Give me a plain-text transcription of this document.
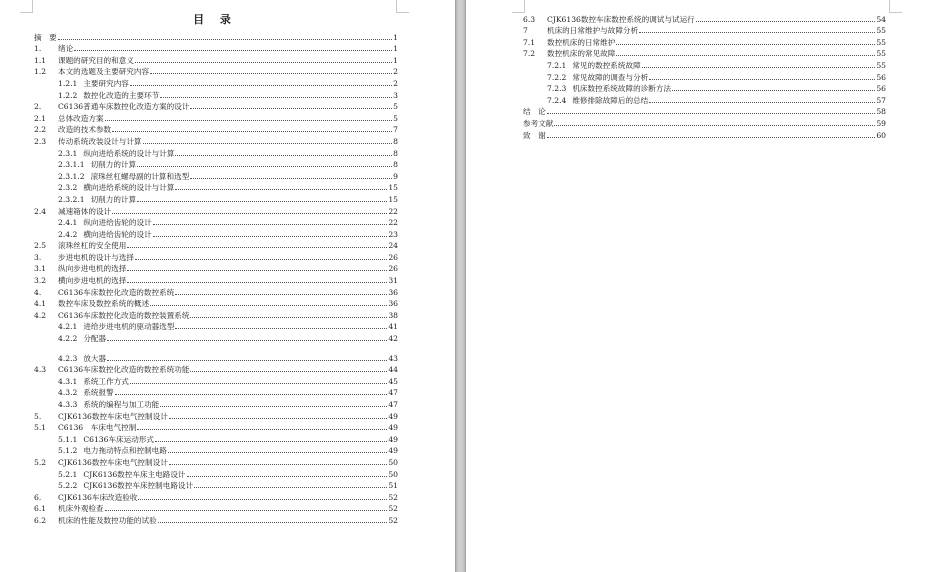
目 录
摘　要	1
1.	绪论	1
1.1	课题的研究目的和意义	1
1.2	本文的选题及主要研究内容	2
1.2.1 主要研究内容	2
1.2.2 数控化改造的主要环节	3
2.	C6136普通车床数控化改造方案的设计	5
2.1	总体改造方案	5
2.2	改造的技术参数	7
2.3	传动系统改装设计与计算	8
2.3.1 纵向进给系统的设计与计算	8
2.3.1.1 切削力的计算	8
2.3.1.2 滚珠丝杠螺母副的计算和选型	9
2.3.2 横向进给系统的设计与计算	15
2.3.2.1 切削力的计算	15
2.4	减速箱体的设计	22
2.4.1 纵向进给齿轮的设计	22
2.4.2 横向进给齿轮的设计	23
2.5	滚珠丝杠的安全使用	24
3.	步进电机的设计与选择	26
3.1	纵向步进电机的选择	26
3.2	横向步进电机的选择	31
4.	C6136车床数控化改造的数控系统	36
4.1	数控车床及数控系统的概述	36
4.2	C6136车床数控化改造的数控装置系统	38
4.2.1 进给步进电机的驱动器选型	41
4.2.2 分配器	42
4.2.3 放大器	43
4.3	C6136车床数控化改造的数控系统功能	44
4.3.1 系统工作方式	45
4.3.2 系统报警	47
4.3.3 系统的编程与加工功能	47
5.	CJK6136数控车床电气控制设计	49
5.1	C6136　车床电气控制	49
5.1.1 C6136车床运动形式	49
5.1.2 电力拖动特点和控制电路	49
5.2	CJK6136数控车床电气控制设计	50
5.2.1 CJK6136数控车床主电路设计	50
5.2.2 CJK6136数控车床控制电路设计	51
6.	CJK6136车床改造验收	52
6.1	机床外观检查	52
6.2	机床的性能及数控功能的试验	52
6.3	CJK6136数控车床数控系统的调试与试运行	54
7	机床的日常维护与故障分析	55
7.1	数控机床的日常维护	55
7.2	数控机床的常见故障	55
7.2.1 常见的数控系统故障	55
7.2.2 常见故障的调查与分析	56
7.2.3 机床数控系统故障的诊断方法	56
7.2.4 维修排除故障后的总结	57
结　论	58
参考文献	59
致　谢	60
